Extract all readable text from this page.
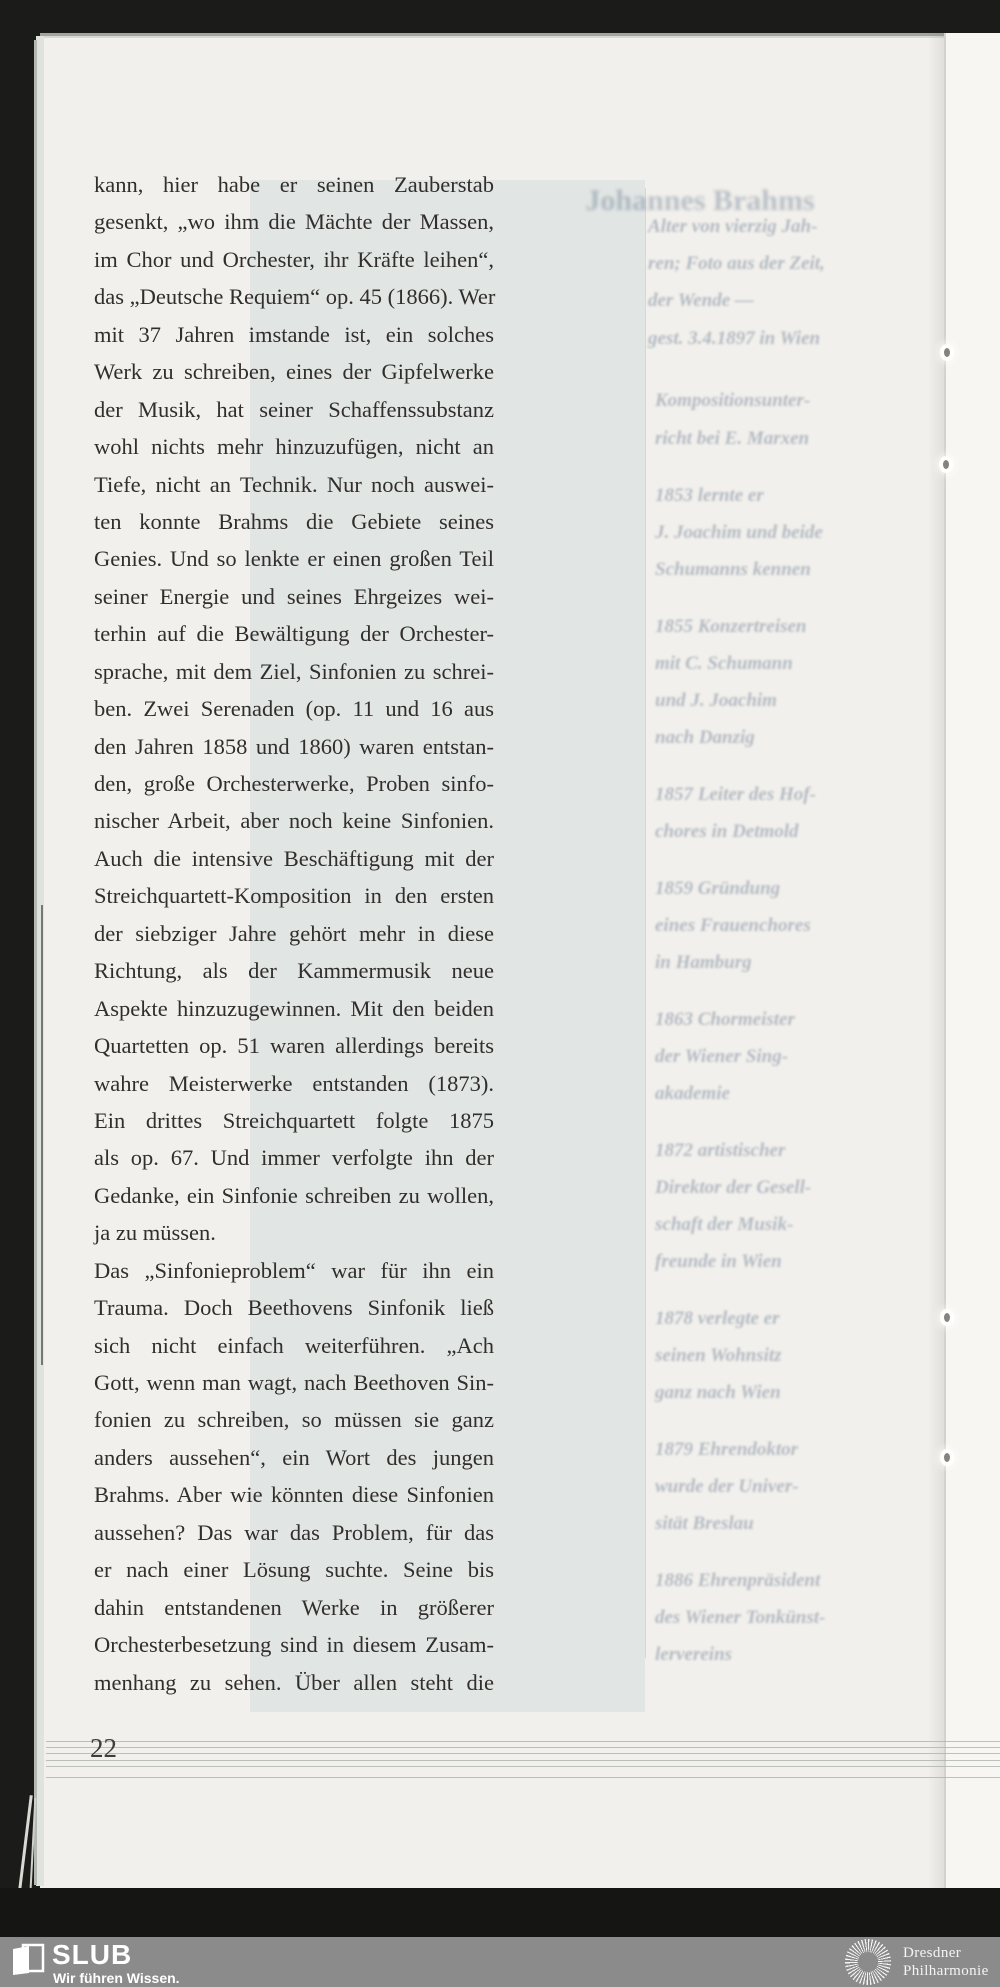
Johannes Brahms
Alter von vierzig Jah-
ren; Foto aus der Zeit,
der Wende —
gest. 3.4.1897 in Wien
Kompositionsunter-
richt bei E. Marxen
1853 lernte er
J. Joachim und beide
Schumanns kennen
1855 Konzertreisen
mit C. Schumann
und J. Joachim
nach Danzig
1857 Leiter des Hof-
chores in Detmold
1859 Gründung
eines Frauenchores
in Hamburg
1863 Chormeister
der Wiener Sing-
akademie
1872 artistischer
Direktor der Gesell-
schaft der Musik-
freunde in Wien
1878 verlegte er
seinen Wohnsitz
ganz nach Wien
1879 Ehrendoktor
wurde der Univer-
sität Breslau
1886 Ehrenpräsident
des Wiener Tonkünst-
lervereins
kann, hier habe er seinen Zauberstab
gesenkt, „wo ihm die Mächte der Massen,
im Chor und Orchester, ihr Kräfte leihen“,
das „Deutsche Requiem“ op. 45 (1866). Wer
mit 37 Jahren imstande ist, ein solches
Werk zu schreiben, eines der Gipfelwerke
der Musik, hat seiner Schaffenssubstanz
wohl nichts mehr hinzuzufügen, nicht an
Tiefe, nicht an Technik. Nur noch auswei-
ten konnte Brahms die Gebiete seines
Genies. Und so lenkte er einen großen Teil
seiner Energie und seines Ehrgeizes wei-
terhin auf die Bewältigung der Orchester-
sprache, mit dem Ziel, Sinfonien zu schrei-
ben. Zwei Serenaden (op. 11 und 16 aus
den Jahren 1858 und 1860) waren entstan-
den, große Orchesterwerke, Proben sinfo-
nischer Arbeit, aber noch keine Sinfonien.
Auch die intensive Beschäftigung mit der
Streichquartett-Komposition in den ersten
der siebziger Jahre gehört mehr in diese
Richtung, als der Kammermusik neue
Aspekte hinzuzugewinnen. Mit den beiden
Quartetten op. 51 waren allerdings bereits
wahre Meisterwerke entstanden (1873).
Ein drittes Streichquartett folgte 1875
als op. 67. Und immer verfolgte ihn der
Gedanke, ein Sinfonie schreiben zu wollen,
ja zu müssen.
Das „Sinfonieproblem“ war für ihn ein
Trauma. Doch Beethovens Sinfonik ließ
sich nicht einfach weiterführen. „Ach
Gott, wenn man wagt, nach Beethoven Sin-
fonien zu schreiben, so müssen sie ganz
anders aussehen“, ein Wort des jungen
Brahms. Aber wie könnten diese Sinfonien
aussehen? Das war das Problem, für das
er nach einer Lösung suchte. Seine bis
dahin entstandenen Werke in größerer
Orchesterbesetzung sind in diesem Zusam-
menhang zu sehen. Über allen steht die
22
SLUB
Wir führen Wissen.
Dresdner
Philharmonie
